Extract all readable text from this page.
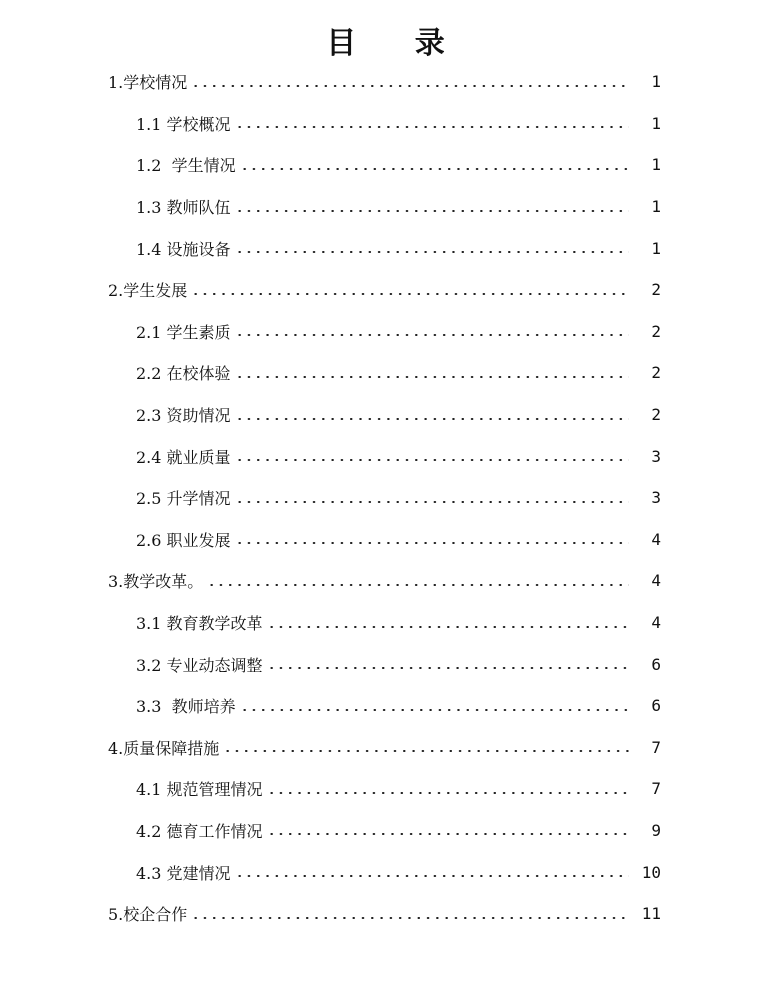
目 录
1.学校情况	1
1.1 学校概况	1
1.2  学生情况	1
1.3 教师队伍	1
1.4 设施设备	1
2.学生发展	2
2.1 学生素质	2
2.2 在校体验	2
2.3 资助情况	2
2.4 就业质量	3
2.5 升学情况	3
2.6 职业发展	4
3.教学改革。	4
3.1 教育教学改革	4
3.2 专业动态调整	6
3.3  教师培养	6
4.质量保障措施	7
4.1 规范管理情况	7
4.2 德育工作情况	9
4.3 党建情况	10
5.校企合作	11
